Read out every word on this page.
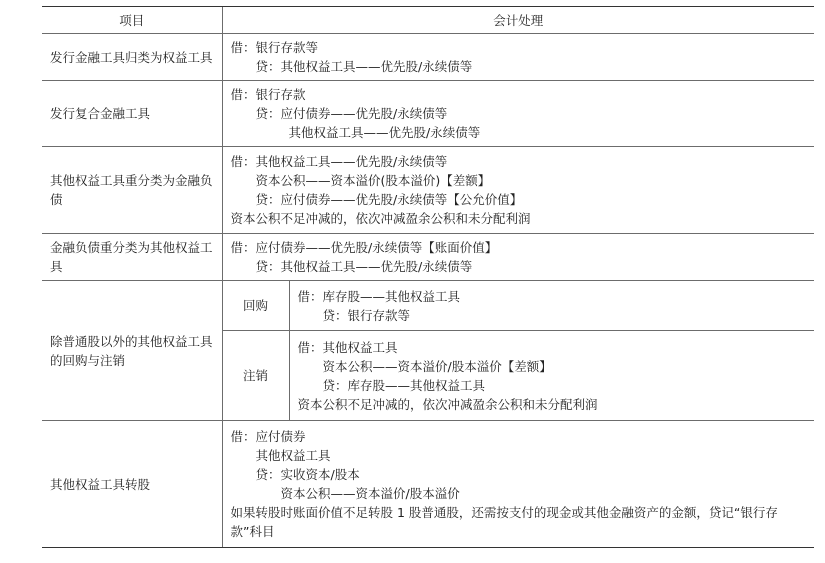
项目	会计处理	
发行金融工具归类为权益工具	借：银行存款等
贷：其他权益工具——优先股/永续债等	

发行复合金融工具	借：银行存款
贷：应付债券——优先股/永续债等
其他权益工具——优先股/永续债等	

其他权益工具重分类为金融负债	借：其他权益工具——优先股/永续债等
资本公积——资本溢价(股本溢价)【差额】
贷：应付债券——优先股/永续债等【公允价值】
资本公积不足冲减的，依次冲减盈余公积和未分配利润	

金融负债重分类为其他权益工具	借：应付债券——优先股/永续债等【账面价值】
贷：其他权益工具——优先股/永续债等	

除普通股以外的其他权益工具的回购与注销	回购	借：库存股——其他权益工具
贷：银行存款等

	注销	借：其他权益工具
资本公积——资本溢价/股本溢价【差额】
贷：库存股——其他权益工具
资本公积不足冲减的，依次冲减盈余公积和未分配利润

其他权益工具转股	借：应付债券
其他权益工具
贷：实收资本/股本
资本公积——资本溢价/股本溢价
如果转股时账面价值不足转股 1 股普通股，还需按支付的现金或其他金融资产的金额，贷记“银行存款”科目	
